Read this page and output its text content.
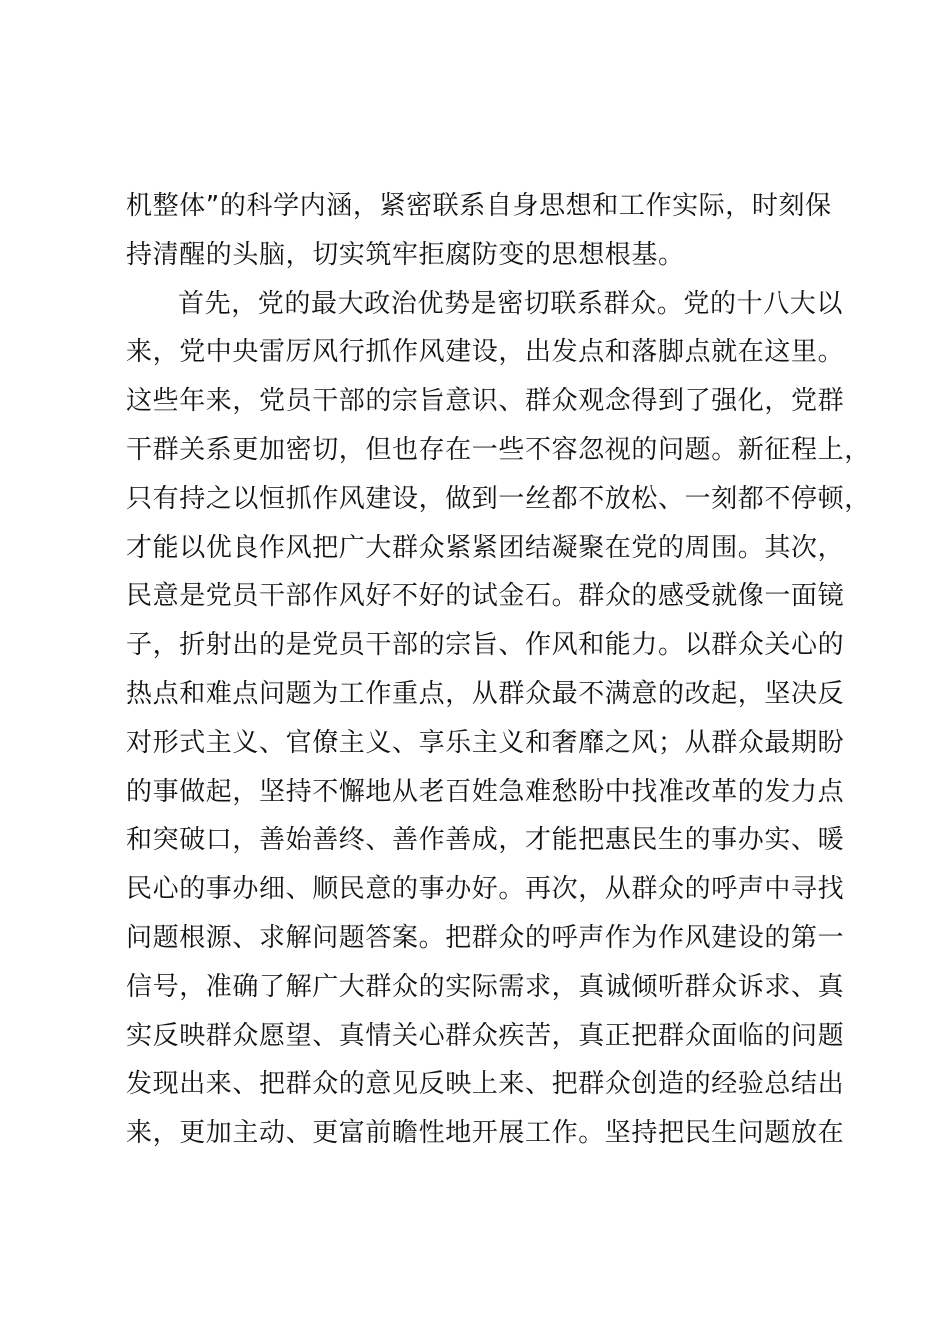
机整体”的科学内涵，紧密联系自身思想和工作实际，时刻保
持清醒的头脑，切实筑牢拒腐防变的思想根基。
首先，党的最大政治优势是密切联系群众。党的十八大以
来，党中央雷厉风行抓作风建设，出发点和落脚点就在这里。
这些年来，党员干部的宗旨意识、群众观念得到了强化，党群
干群关系更加密切，但也存在一些不容忽视的问题。新征程上，
只有持之以恒抓作风建设，做到一丝都不放松、一刻都不停顿，
才能以优良作风把广大群众紧紧团结凝聚在党的周围。其次，
民意是党员干部作风好不好的试金石。群众的感受就像一面镜
子，折射出的是党员干部的宗旨、作风和能力。以群众关心的
热点和难点问题为工作重点，从群众最不满意的改起，坚决反
对形式主义、官僚主义、享乐主义和奢靡之风；从群众最期盼
的事做起，坚持不懈地从老百姓急难愁盼中找准改革的发力点
和突破口，善始善终、善作善成，才能把惠民生的事办实、暖
民心的事办细、顺民意的事办好。再次，从群众的呼声中寻找
问题根源、求解问题答案。把群众的呼声作为作风建设的第一
信号，准确了解广大群众的实际需求，真诚倾听群众诉求、真
实反映群众愿望、真情关心群众疾苦，真正把群众面临的问题
发现出来、把群众的意见反映上来、把群众创造的经验总结出
来，更加主动、更富前瞻性地开展工作。坚持把民生问题放在
